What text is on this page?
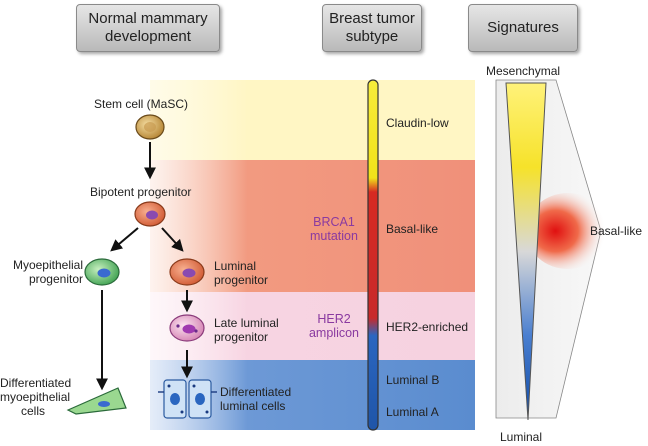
Normal mammary
development
Breast tumor
subtype
Signatures
Stem cell (MaSC)
Bipotent progenitor
Myoepithelial
progenitor
Luminal
progenitor
Late luminal
progenitor
Differentiated
myoepithelial
cells
Differentiated
luminal cells
BRCA1
mutation
HER2
amplicon
Claudin-low
Basal-like
HER2-enriched
Luminal B
Luminal A
Mesenchymal
Basal-like
Luminal
